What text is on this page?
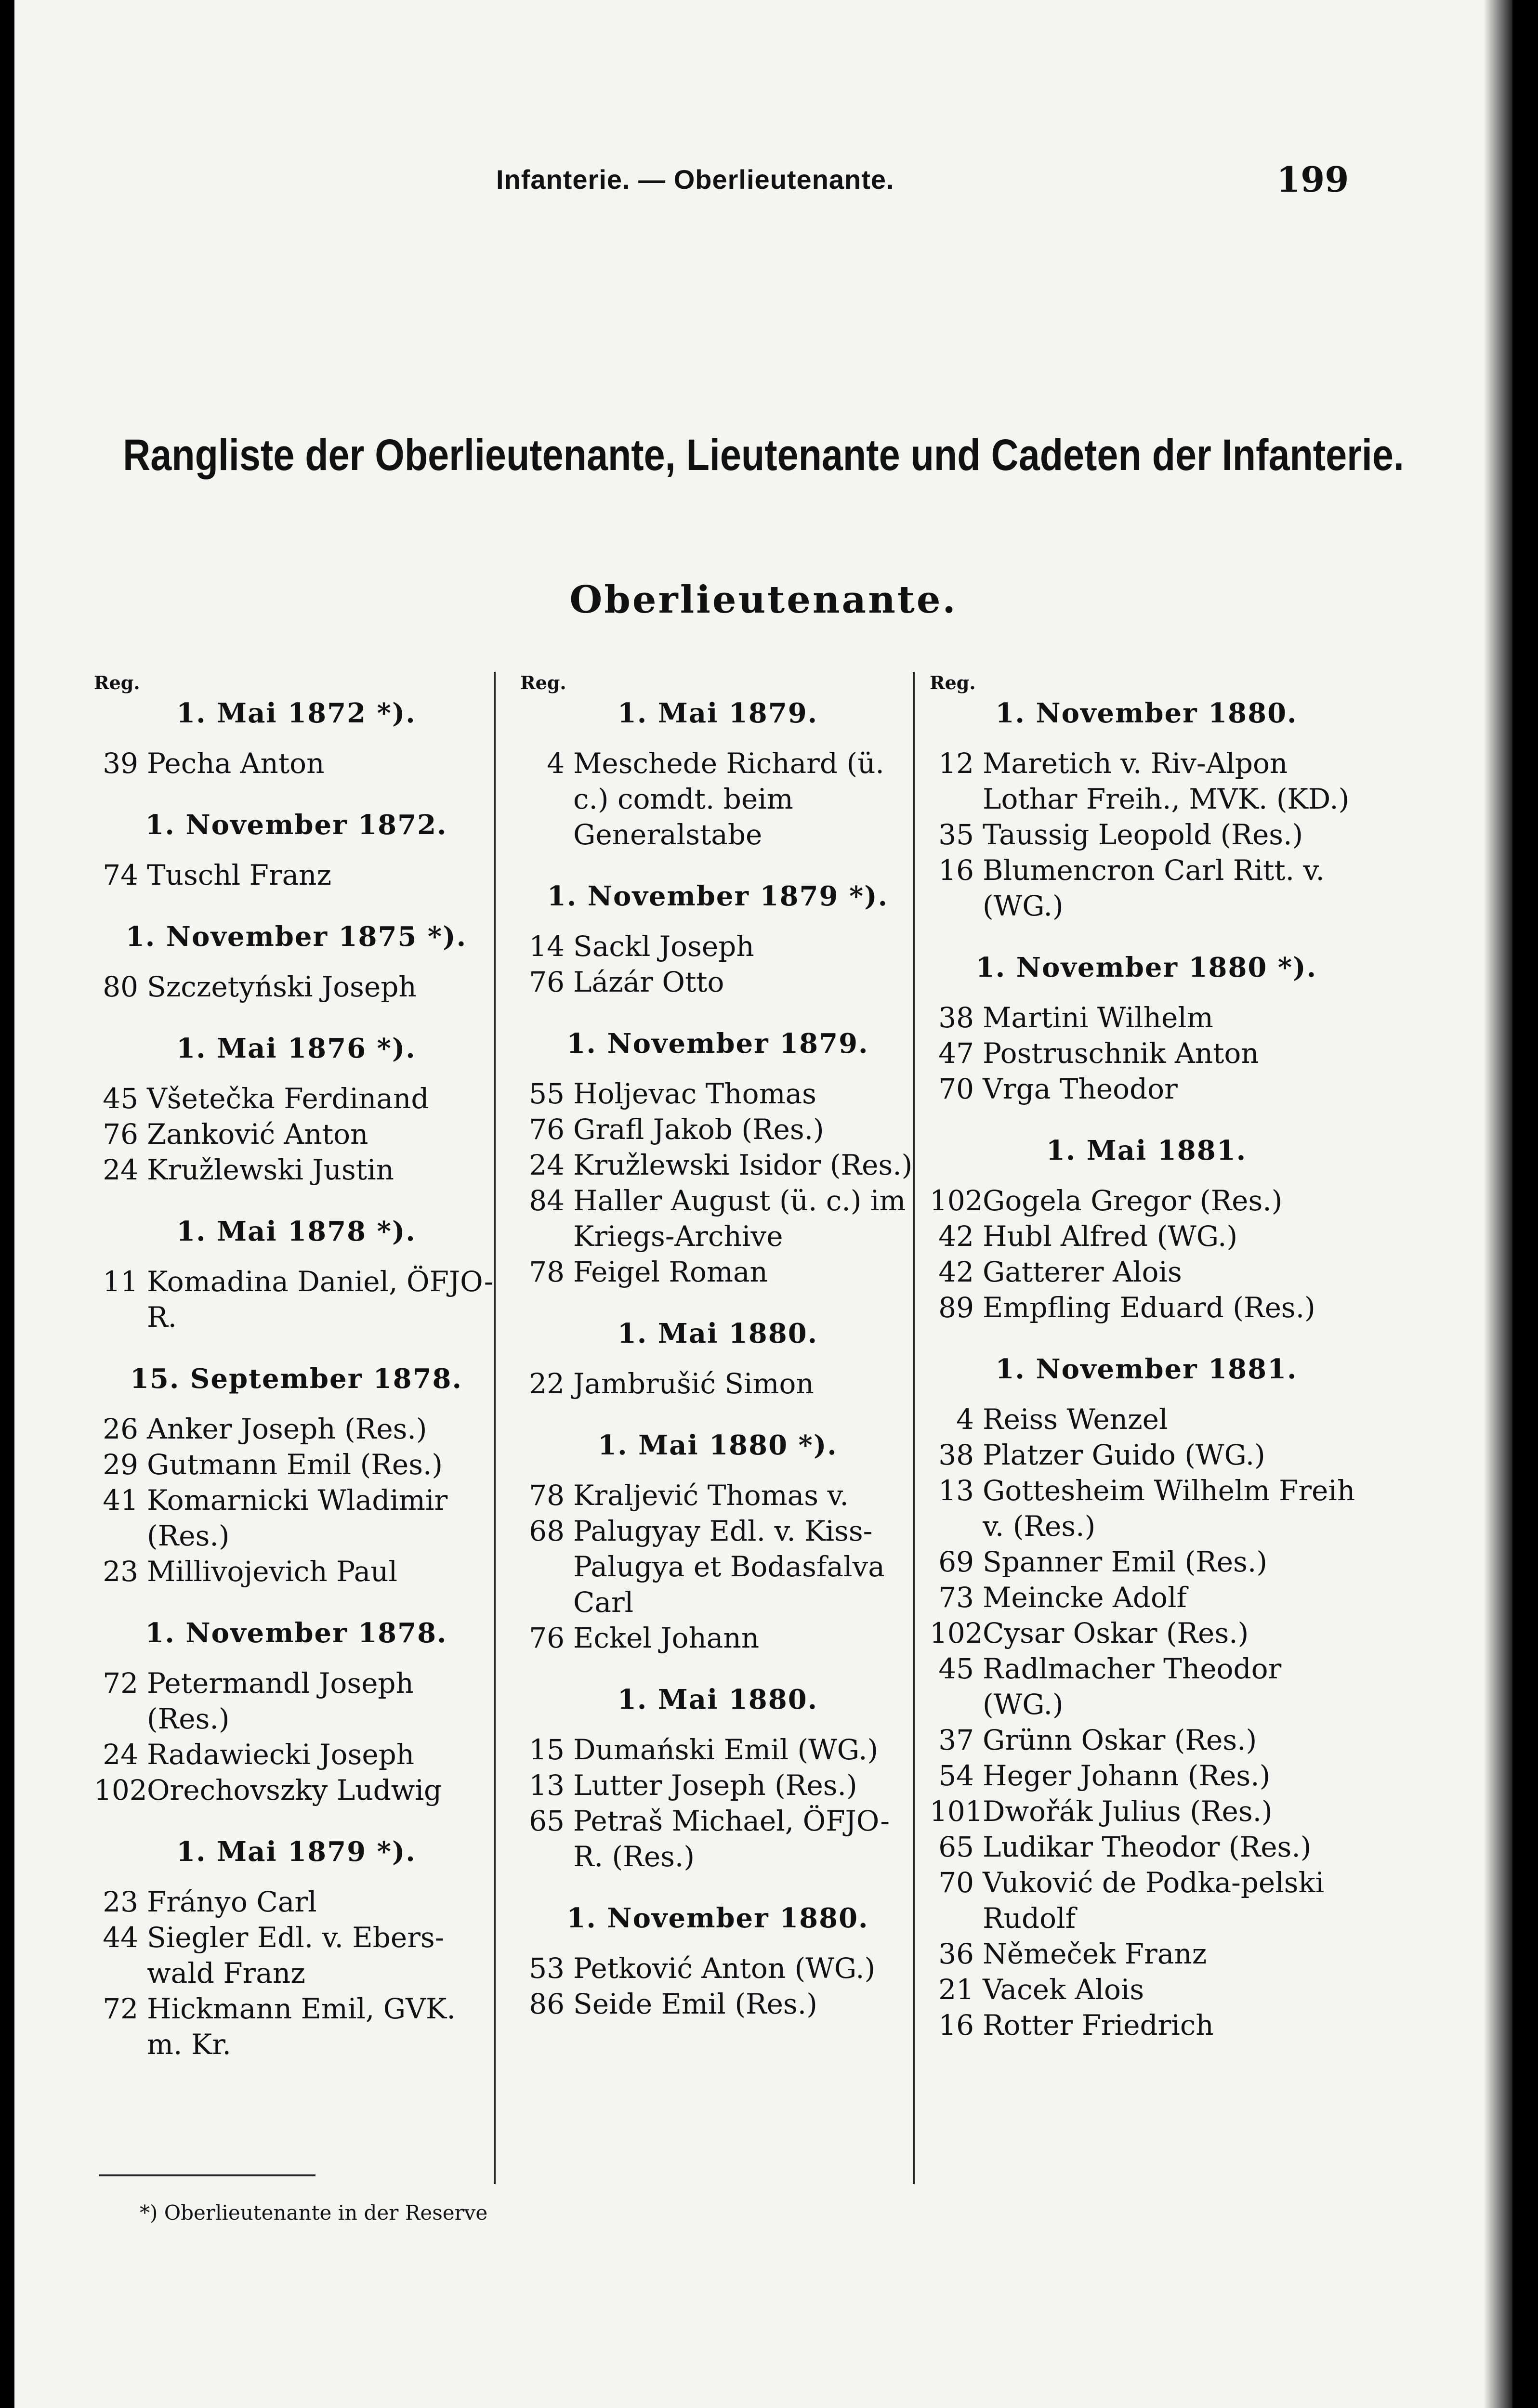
Infanterie. — Oberlieutenante.	199
Rangliste der Oberlieutenante, Lieutenante und Cadeten der Infanterie.
Oberlieutenante.
Reg.
1. Mai 1872 *).
39 Pecha Anton
1. November 1872.
74 Tuschl Franz
1. November 1875 *).
80 Szczetyński Joseph
1. Mai 1876 *).
45 Všetečka Ferdinand
76 Zanković Anton
24 Kružlewski Justin
1. Mai 1878 *).
11 Komadina Daniel, ÖFJO-R.
15. September 1878.
26 Anker Joseph (Res.)
29 Gutmann Emil (Res.)
41 Komarnicki Wladimir (Res.)
23 Millivojevich Paul
1. November 1878.
72 Petermandl Joseph (Res.)
24 Radawiecki Joseph
102 Orechovszky Ludwig
1. Mai 1879 *).
23 Fránуo Carl
44 Siegler Edl. v. Ebers-wald Franz
72 Hickmann Emil, GVK. m. Kr.
Reg.
1. Mai 1879.
4 Meschede Richard (ü. c.) comdt. beim Generalstabe
1. November 1879 *).
14 Sackl Joseph
76 Lázár Otto
1. November 1879.
55 Holjevac Thomas
76 Grafl Jakob (Res.)
24 Kružlewski Isidor (Res.)
84 Haller August (ü. c.) im Kriegs-Archive
78 Feigel Roman
1. Mai 1880.
22 Jambrušić Simon
1. Mai 1880 *).
78 Kraljević Thomas v.
68 Palugyay Edl. v. Kiss-Palugya et Bodasfalva Carl
76 Eckel Johann
1. Mai 1880.
15 Dumański Emil (WG.)
13 Lutter Joseph (Res.)
65 Petraš Michael, ÖFJO-R. (Res.)
1. November 1880.
53 Petković Anton (WG.)
86 Seide Emil (Res.)
Reg.
1. November 1880.
12 Maretich v. Riv-Alpon Lothar Freih., MVK. (KD.)
35 Taussig Leopold (Res.)
16 Blumencron Carl Ritt. v. (WG.)
1. November 1880 *).
38 Martini Wilhelm
47 Postruschnik Anton
70 Vrga Theodor
1. Mai 1881.
102 Gogela Gregor (Res.)
42 Hubl Alfred (WG.)
42 Gatterer Alois
89 Empfling Eduard (Res.)
1. November 1881.
4 Reiss Wenzel
38 Platzer Guido (WG.)
13 Gottesheim Wilhelm Freih v. (Res.)
69 Spanner Emil (Res.)
73 Meincke Adolf
102 Cysar Oskar (Res.)
45 Radlmacher Theodor (WG.)
37 Grünn Oskar (Res.)
54 Heger Johann (Res.)
101 Dwořák Julius (Res.)
65 Ludikar Theodor (Res.)
70 Vuković de Podka-pelski Rudolf
36 Němeček Franz
21 Vacek Alois
16 Rotter Friedrich
*) Oberlieutenante in der Reserve
